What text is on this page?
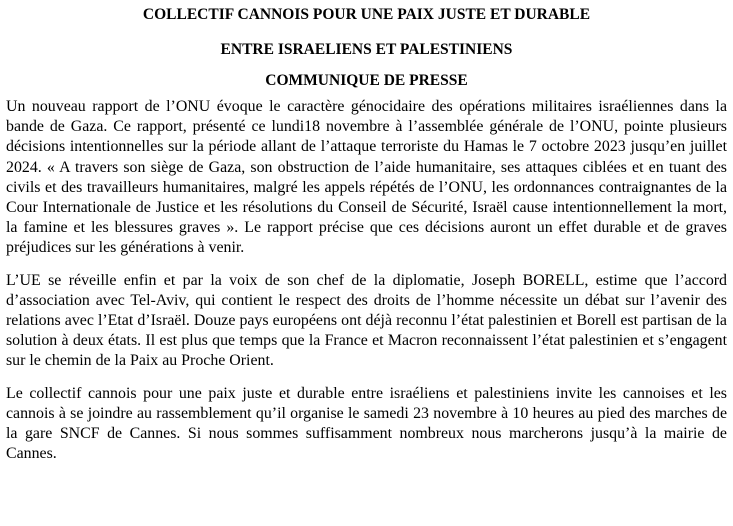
COLLECTIF CANNOIS POUR UNE PAIX JUSTE ET DURABLE
ENTRE ISRAELIENS ET PALESTINIENS
COMMUNIQUE DE PRESSE

Un nouveau rapport de l’ONU évoque le caractère génocidaire des opérations militaires israéliennes dans la bande de Gaza. Ce rapport, présenté ce lundi18 novembre à l’assemblée générale de l’ONU, pointe plusieurs décisions intentionnelles sur la période allant de l’attaque terroriste du Hamas le 7 octobre 2023 jusqu’en juillet 2024. « A travers son siège de Gaza, son obstruction de l’aide humanitaire, ses attaques ciblées et en tuant des civils et des travailleurs humanitaires, malgré les appels répétés de l’ONU, les ordonnances contraignantes de la Cour Internationale de Justice et les résolutions du Conseil de Sécurité, Israël cause intentionnellement la mort, la famine et les blessures graves ». Le rapport précise que ces décisions auront un effet durable et de graves préjudices sur les générations à venir.

L’UE se réveille enfin et par la voix de son chef de la diplomatie, Joseph BORELL, estime que l’accord d’association avec Tel-Aviv, qui contient le respect des droits de l’homme nécessite un débat sur l’avenir des relations avec l’Etat d’Israël. Douze pays européens ont déjà reconnu l’état palestinien et Borell est partisan de la solution à deux états. Il est plus que temps que la France et Macron reconnaissent l’état palestinien et s’engagent sur le chemin de la Paix au Proche Orient.

Le collectif cannois pour une paix juste et durable entre israéliens et palestiniens invite les cannoises et les cannois à se joindre au rassemblement qu’il organise le samedi 23 novembre à 10 heures au pied des marches de la gare SNCF de Cannes. Si nous sommes suffisamment nombreux nous marcherons jusqu’à la mairie de Cannes.
